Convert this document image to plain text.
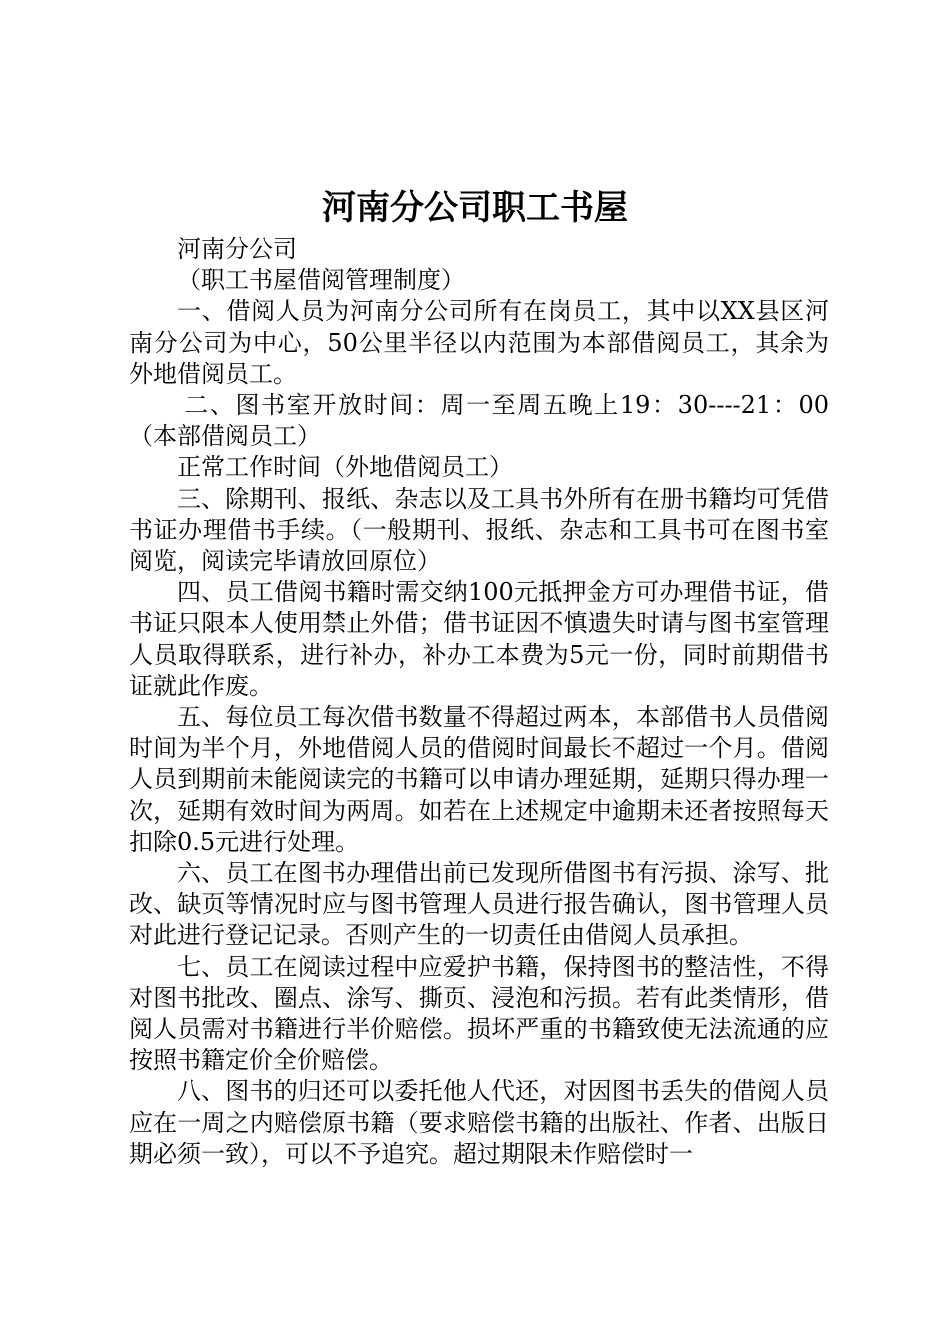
河南分公司职工书屋

河南分公司

（职工书屋借阅管理制度）

一、借阅人员为河南分公司所有在岗员工，其中以XX县区河南分公司为中心，50公里半径以内范围为本部借阅员工，其余为外地借阅员工。

二、图书室开放时间：周一至周五晚上19：30----21：00（本部借阅员工）

正常工作时间（外地借阅员工）

三、除期刊、报纸、杂志以及工具书外所有在册书籍均可凭借书证办理借书手续。（一般期刊、报纸、杂志和工具书可在图书室阅览，阅读完毕请放回原位）

四、员工借阅书籍时需交纳100元抵押金方可办理借书证，借书证只限本人使用禁止外借；借书证因不慎遗失时请与图书室管理人员取得联系，进行补办，补办工本费为5元一份，同时前期借书证就此作废。

五、每位员工每次借书数量不得超过两本，本部借书人员借阅时间为半个月，外地借阅人员的借阅时间最长不超过一个月。借阅人员到期前未能阅读完的书籍可以申请办理延期，延期只得办理一次，延期有效时间为两周。如若在上述规定中逾期未还者按照每天扣除0.5元进行处理。

六、员工在图书办理借出前已发现所借图书有污损、涂写、批改、缺页等情况时应与图书管理人员进行报告确认，图书管理人员对此进行登记记录。否则产生的一切责任由借阅人员承担。

七、员工在阅读过程中应爱护书籍，保持图书的整洁性，不得对图书批改、圈点、涂写、撕页、浸泡和污损。若有此类情形，借阅人员需对书籍进行半价赔偿。损坏严重的书籍致使无法流通的应按照书籍定价全价赔偿。

八、图书的归还可以委托他人代还，对因图书丢失的借阅人员应在一周之内赔偿原书籍（要求赔偿书籍的出版社、作者、出版日期必须一致），可以不予追究。超过期限未作赔偿时一
